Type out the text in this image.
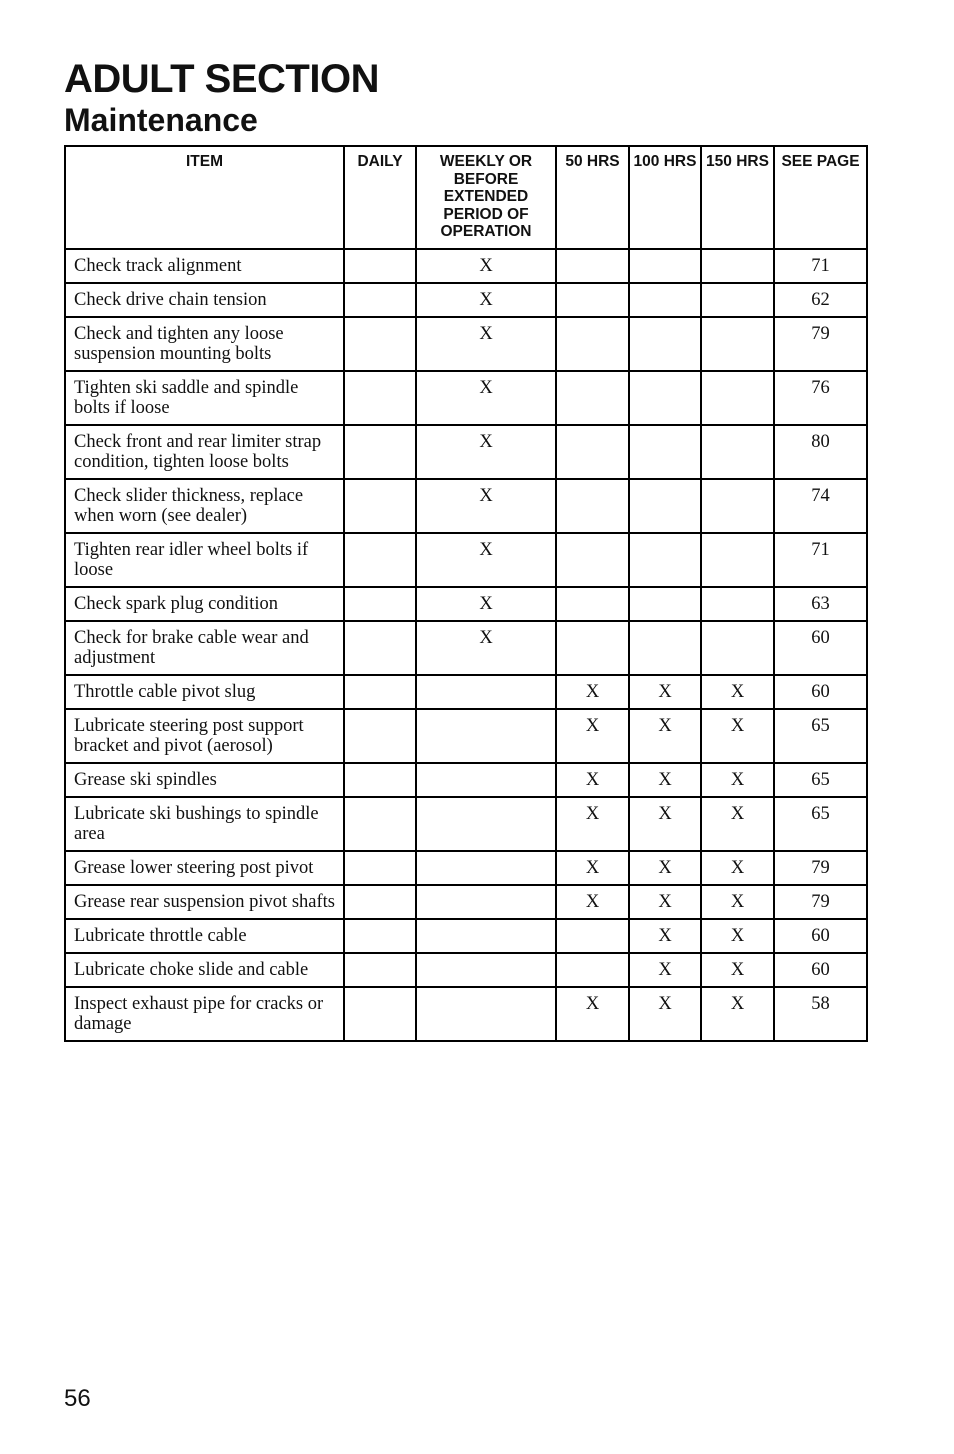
ADULT SECTION
Maintenance
ITEM	DAILY	WEEKLY OR BEFORE EXTENDED PERIOD OF OPERATION	50 HRS	100 HRS	150 HRS	SEE PAGE
Check track alignment		X				71
Check drive chain tension		X				62
Check and tighten any loose suspension mounting bolts		X				79
Tighten ski saddle and spindle bolts if loose		X				76
Check front and rear limiter strap condition, tighten loose bolts		X				80
Check slider thickness, replace when worn (see dealer)		X				74
Tighten rear idler wheel bolts if loose		X				71
Check spark plug condition		X				63
Check for brake cable wear and adjustment		X				60
Throttle cable pivot slug			X	X	X	60
Lubricate steering post support bracket and pivot (aerosol)			X	X	X	65
Grease ski spindles			X	X	X	65
Lubricate ski bushings to spindle area			X	X	X	65
Grease lower steering post pivot			X	X	X	79
Grease rear suspension pivot shafts			X	X	X	79
Lubricate throttle cable				X	X	60
Lubricate choke slide and cable				X	X	60
Inspect exhaust pipe for cracks or damage			X	X	X	58
56
